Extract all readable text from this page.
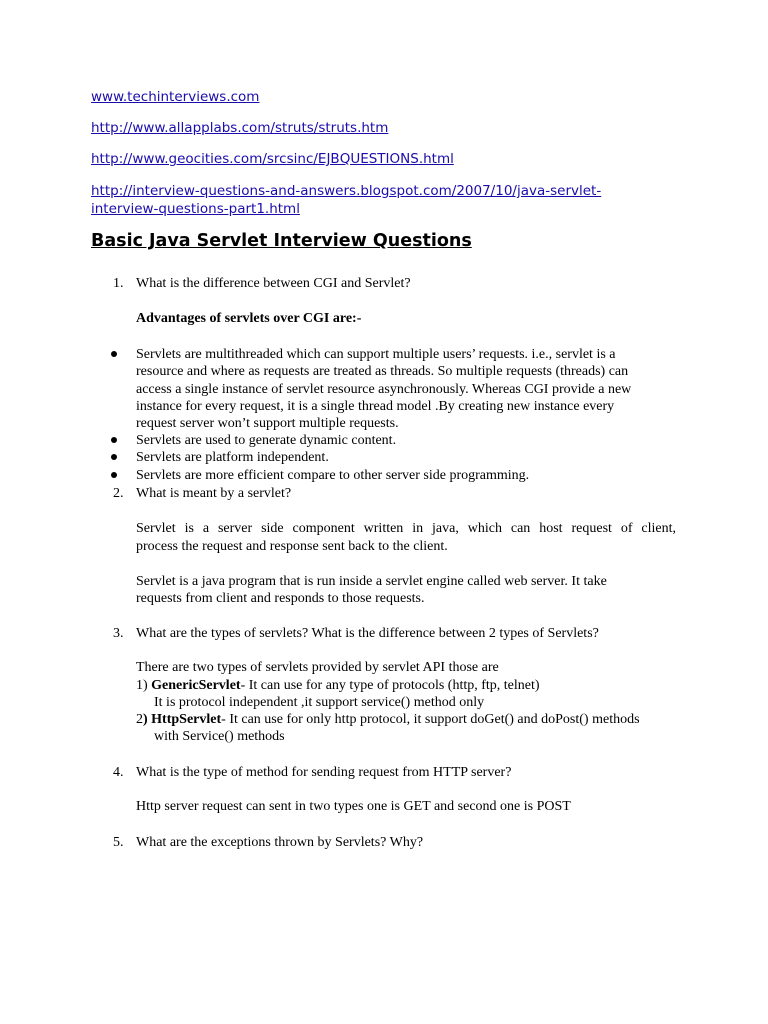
www.techinterviews.com
http://www.allapplabs.com/struts/struts.htm
http://www.geocities.com/srcsinc/EJBQUESTIONS.html
http://interview-questions-and-answers.blogspot.com/2007/10/java-servlet-
interview-questions-part1.html
Basic Java Servlet Interview Questions
1. What is the difference between CGI and Servlet?
Advantages of servlets over CGI are:-
Servlets are multithreaded which can support multiple users’ requests. i.e., servlet is a
resource and where as requests are treated as threads. So multiple requests (threads) can
access a single instance of servlet resource asynchronously. Whereas CGI provide a new
instance for every request, it is a single thread model .By creating new instance every
request server won’t support multiple requests.
Servlets are used to generate dynamic content.
Servlets are platform independent.
Servlets are more efficient compare to other server side programming.
2. What is meant by a servlet?
Servlet is a server side component written in java, which can host request of client,
process the request and response sent back to the client.
Servlet is a java program that is run inside a servlet engine called web server. It take
requests from client and responds to those requests.
3. What are the types of servlets? What is the difference between 2 types of Servlets?
There are two types of servlets provided by servlet API those are
1) GenericServlet- It can use for any type of protocols (http, ftp, telnet)
It is protocol independent ,it support service() method only
2) HttpServlet- It can use for only http protocol, it support doGet() and doPost() methods
with Service() methods
4. What is the type of method for sending request from HTTP server?
Http server request can sent in two types one is GET and second one is POST
5. What are the exceptions thrown by Servlets? Why?
